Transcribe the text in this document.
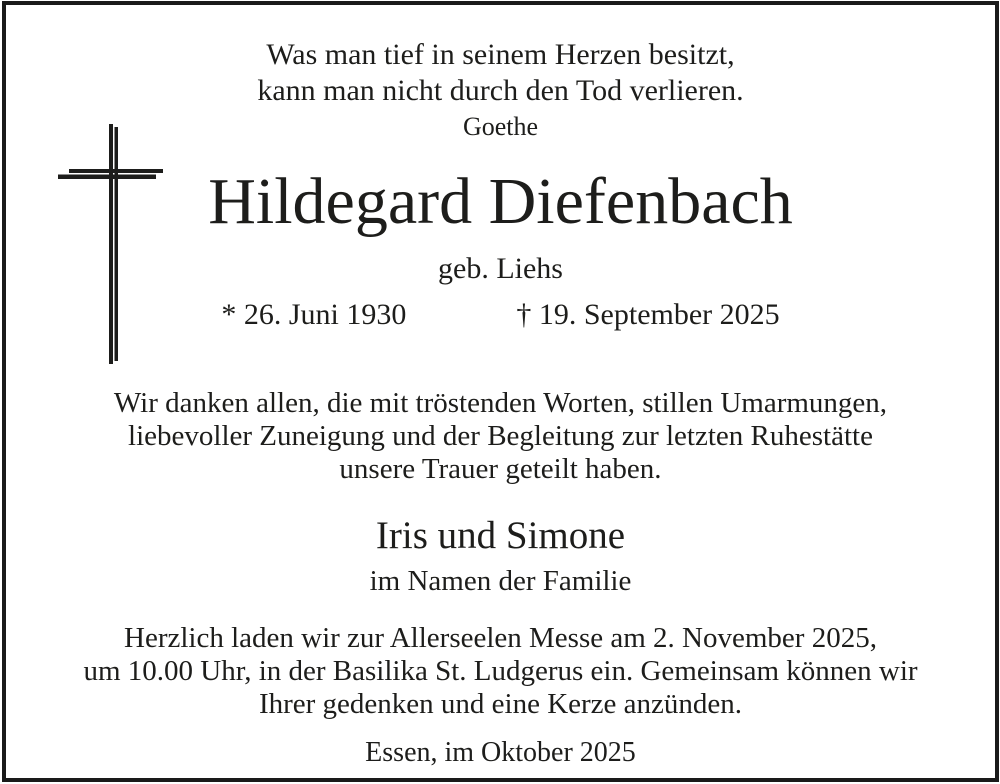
Was man tief in seinem Herzen besitzt,
kann man nicht durch den Tod verlieren.
Goethe
Hildegard Diefenbach
geb. Liehs
* 26. Juni 1930	† 19. September 2025
Wir danken allen, die mit tröstenden Worten, stillen Umarmungen,
liebevoller Zuneigung und der Begleitung zur letzten Ruhestätte
unsere Trauer geteilt haben.
Iris und Simone
im Namen der Familie
Herzlich laden wir zur Allerseelen Messe am 2. November 2025,
um 10.00 Uhr, in der Basilika St. Ludgerus ein. Gemeinsam können wir
Ihrer gedenken und eine Kerze anzünden.
Essen, im Oktober 2025
